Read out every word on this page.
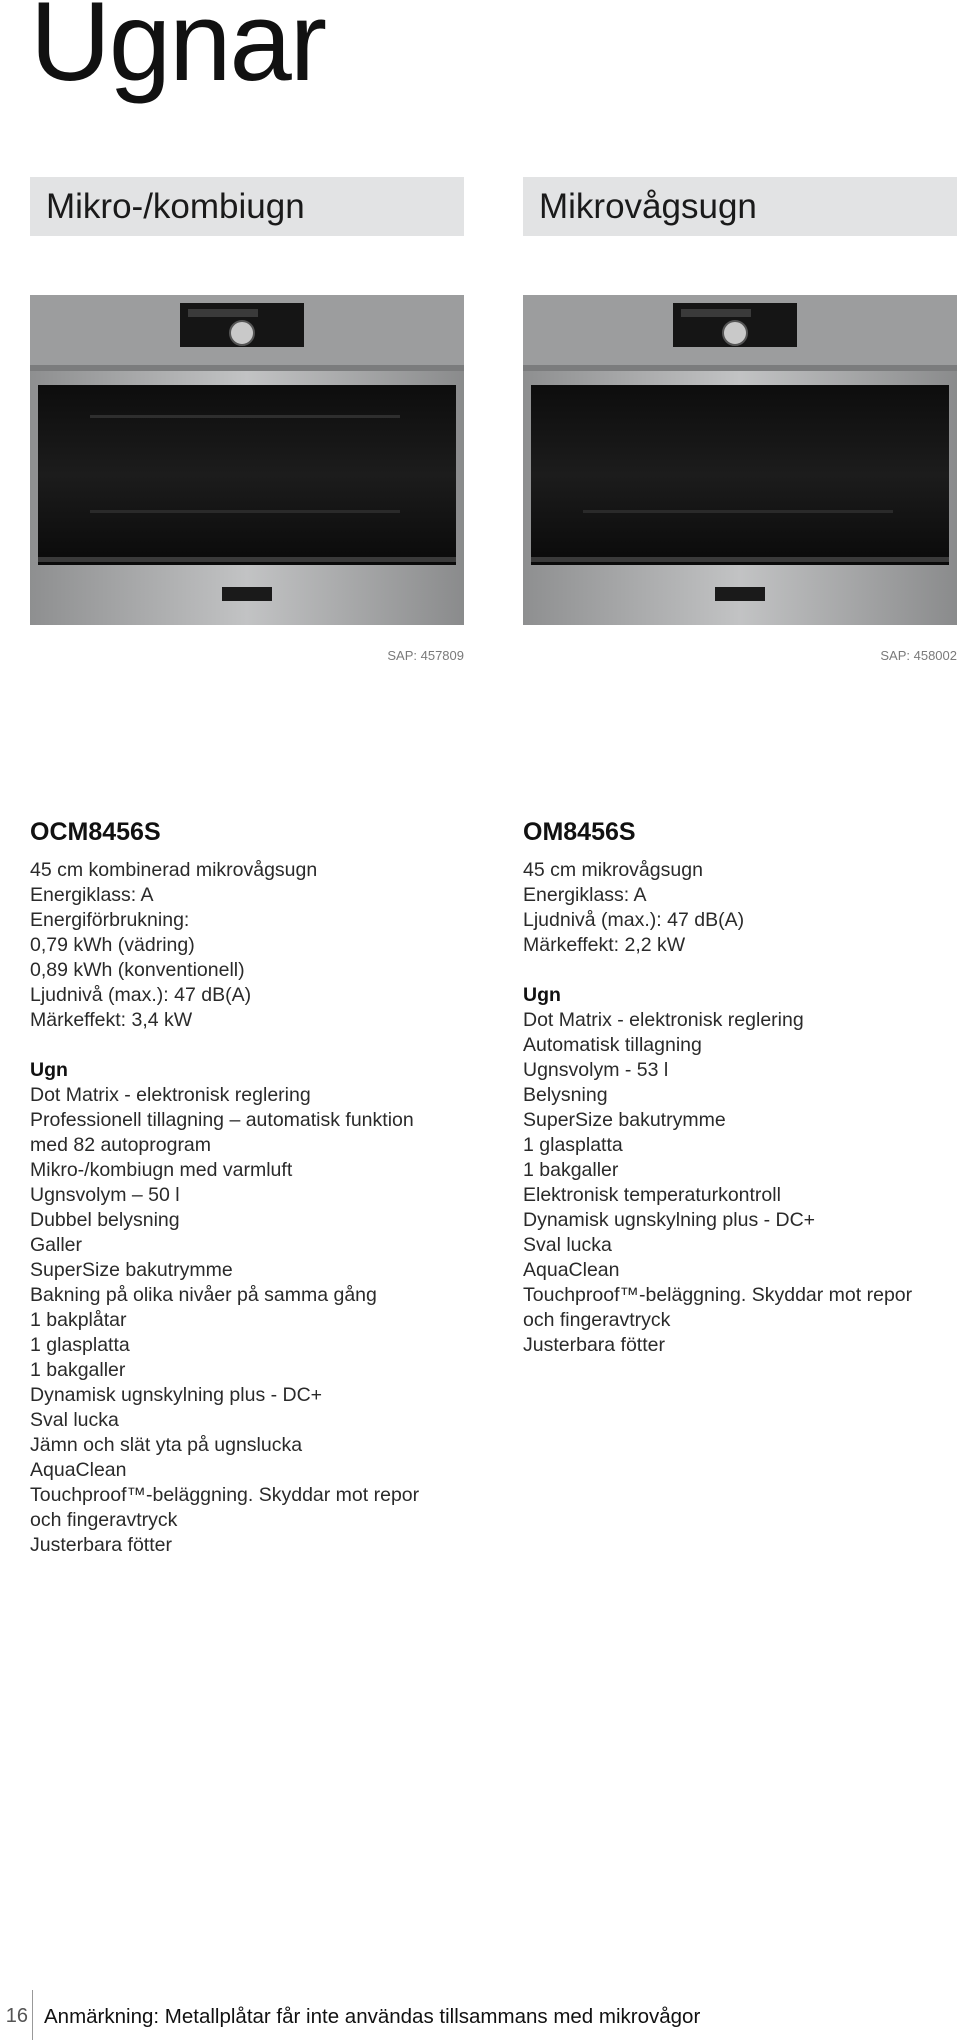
Ugnar
Mikro-/kombiugn	Mikrovågsugn
SAP: 457809	SAP: 458002
OCM8456S
45 cm kombinerad mikrovågsugn
Energiklass: A
Energiförbrukning:
0,79 kWh (vädring)
0,89 kWh (konventionell)
Ljudnivå (max.): 47 dB(A)
Märkeffekt: 3,4 kW
Ugn
Dot Matrix - elektronisk reglering
Professionell tillagning – automatisk funktion
med 82 autoprogram
Mikro-/kombiugn med varmluft
Ugnsvolym – 50 l
Dubbel belysning
Galler
SuperSize bakutrymme
Bakning på olika nivåer på samma gång
1 bakplåtar
1 glasplatta
1 bakgaller
Dynamisk ugnskylning plus - DC+
Sval lucka
Jämn och slät yta på ugnslucka
AquaClean
Touchproof™-beläggning. Skyddar mot repor
och fingeravtryck
Justerbara fötter
OM8456S
45 cm mikrovågsugn
Energiklass: A
Ljudnivå (max.): 47 dB(A)
Märkeffekt: 2,2 kW
Ugn
Dot Matrix - elektronisk reglering
Automatisk tillagning
Ugnsvolym - 53 l
Belysning
SuperSize bakutrymme
1 glasplatta
1 bakgaller
Elektronisk temperaturkontroll
Dynamisk ugnskylning plus - DC+
Sval lucka
AquaClean
Touchproof™-beläggning. Skyddar mot repor
och fingeravtryck
Justerbara fötter
16 Anmärkning: Metallplåtar får inte användas tillsammans med mikrovågor
